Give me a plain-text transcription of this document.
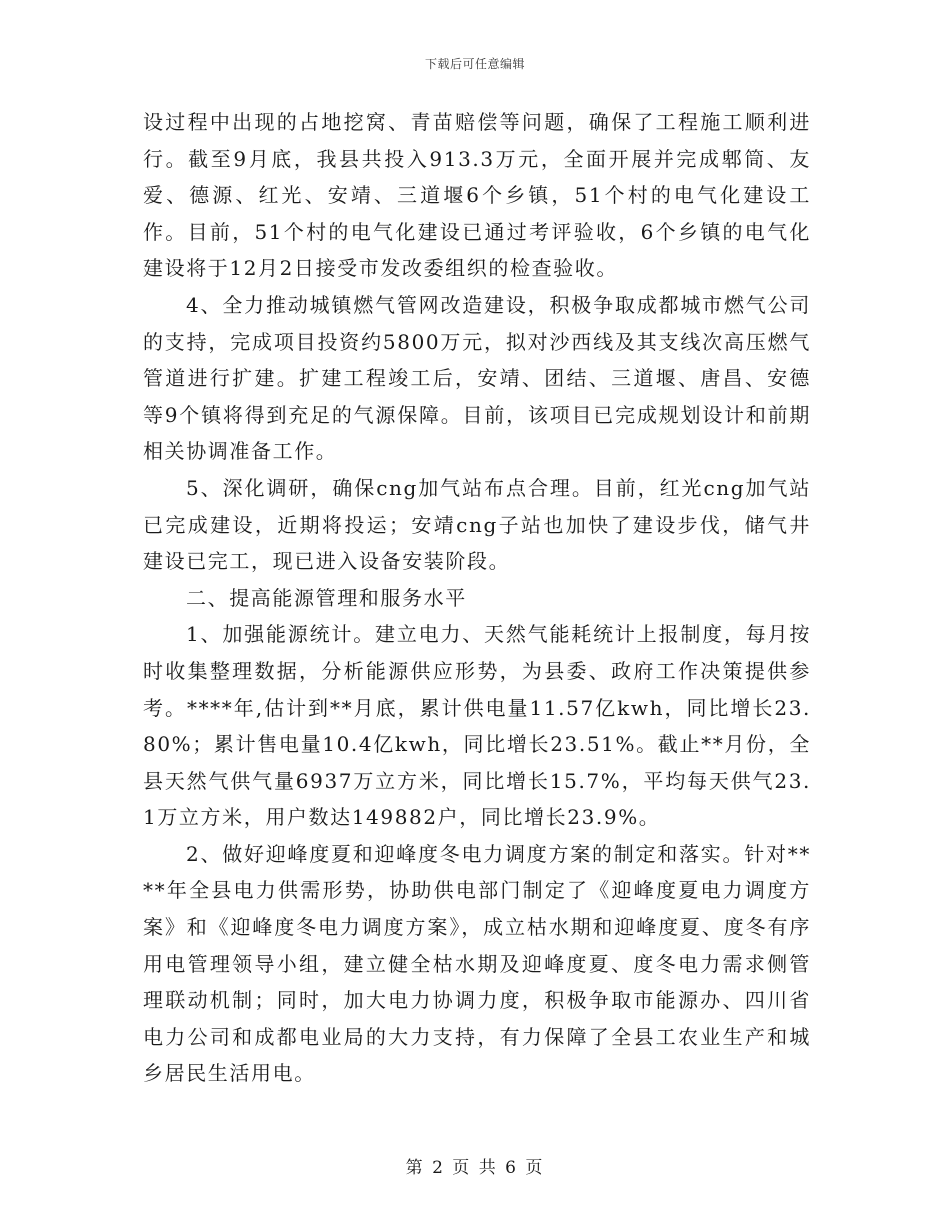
下载后可任意编辑

设过程中出现的占地挖窝、青苗赔偿等问题，确保了工程施工顺利进行。截至9月底，我县共投入913.3万元，全面开展并完成郫筒、友爱、德源、红光、安靖、三道堰6个乡镇，51个村的电气化建设工作。目前，51个村的电气化建设已通过考评验收，6个乡镇的电气化建设将于12月2日接受市发改委组织的检查验收。

4、全力推动城镇燃气管网改造建设，积极争取成都城市燃气公司的支持，完成项目投资约5800万元，拟对沙西线及其支线次高压燃气管道进行扩建。扩建工程竣工后，安靖、团结、三道堰、唐昌、安德等9个镇将得到充足的气源保障。目前，该项目已完成规划设计和前期相关协调准备工作。

5、深化调研，确保cng加气站布点合理。目前，红光cng加气站已完成建设，近期将投运；安靖cng子站也加快了建设步伐，储气井建设已完工，现已进入设备安装阶段。

二、提高能源管理和服务水平

1、加强能源统计。建立电力、天然气能耗统计上报制度，每月按时收集整理数据，分析能源供应形势，为县委、政府工作决策提供参考。****年,估计到**月底，累计供电量11.57亿kwh，同比增长23.80%；累计售电量10.4亿kwh，同比增长23.51%。截止**月份，全县天然气供气量6937万立方米，同比增长15.7%，平均每天供气23.1万立方米，用户数达149882户，同比增长23.9%。

2、做好迎峰度夏和迎峰度冬电力调度方案的制定和落实。针对****年全县电力供需形势，协助供电部门制定了《迎峰度夏电力调度方案》和《迎峰度冬电力调度方案》，成立枯水期和迎峰度夏、度冬有序用电管理领导小组，建立健全枯水期及迎峰度夏、度冬电力需求侧管理联动机制；同时，加大电力协调力度，积极争取市能源办、四川省电力公司和成都电业局的大力支持，有力保障了全县工农业生产和城乡居民生活用电。

第 2 页 共 6 页
